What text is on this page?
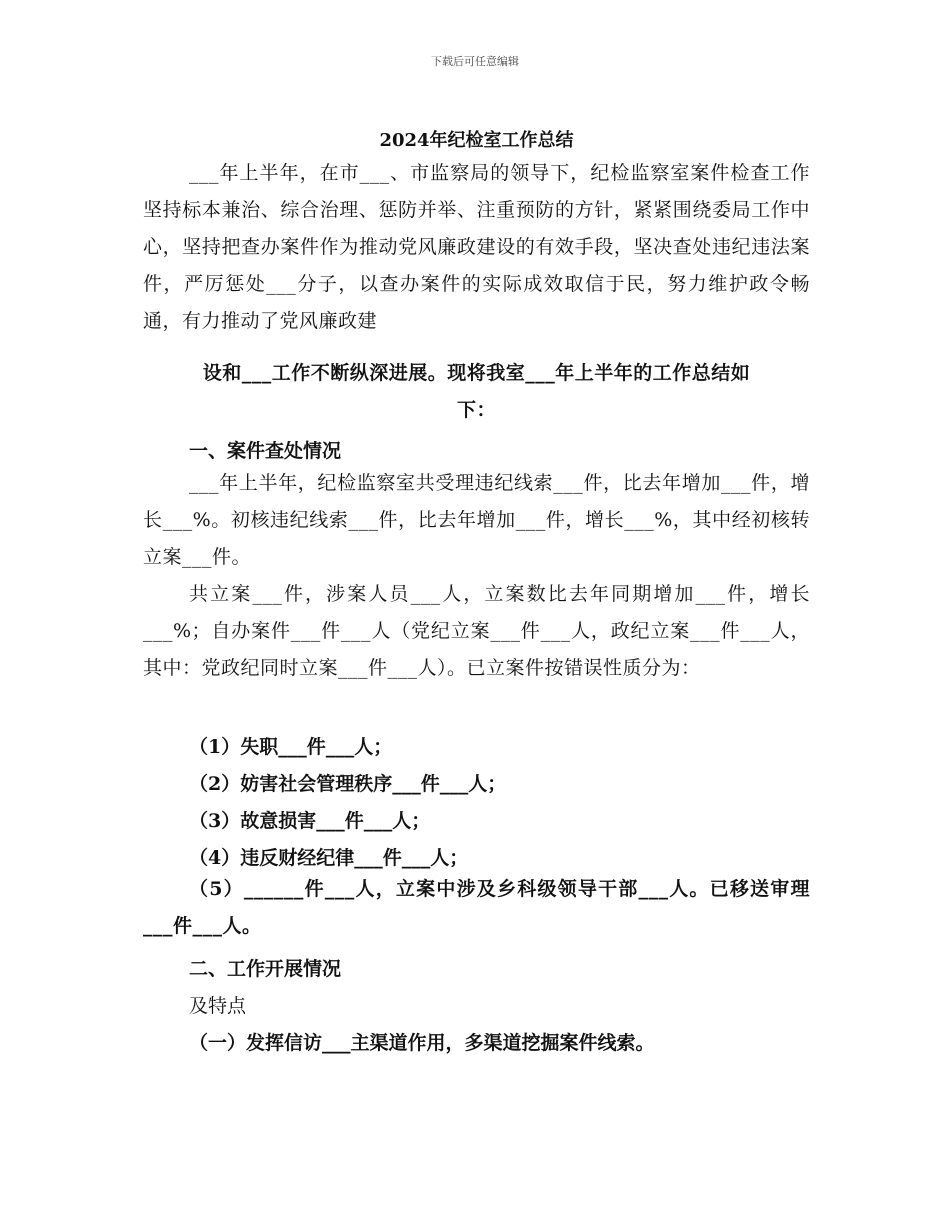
下载后可任意编辑
2024年纪检室工作总结

___年上半年，在市___、市监察局的领导下，纪检监察室案件检查工作坚持标本兼治、综合治理、惩防并举、注重预防的方针，紧紧围绕委局工作中心，坚持把查办案件作为推动党风廉政建设的有效手段，坚决查处违纪违法案件，严厉惩处___分子，以查办案件的实际成效取信于民，努力维护政令畅通，有力推动了党风廉政建

设和___工作不断纵深进展。现将我室___年上半年的工作总结如

下：

一、案件查处情况

___年上半年，纪检监察室共受理违纪线索___件，比去年增加___件，增长___%。初核违纪线索___件，比去年增加___件，增长___%，其中经初核转立案___件。

共立案___件，涉案人员___人，立案数比去年同期增加___件，增长___%；自办案件___件___人（党纪立案___件___人，政纪立案___件___人，其中：党政纪同时立案___件___人）。已立案件按错误性质分为：

（1）失职___件___人；
（2）妨害社会管理秩序___件___人；
（3）故意损害___件___人；
（4）违反财经纪律___件___人；

（5）______件___人，立案中涉及乡科级领导干部___人。已移送审理___件___人。

二、工作开展情况
及特点
（一）发挥信访___主渠道作用，多渠道挖掘案件线索。
